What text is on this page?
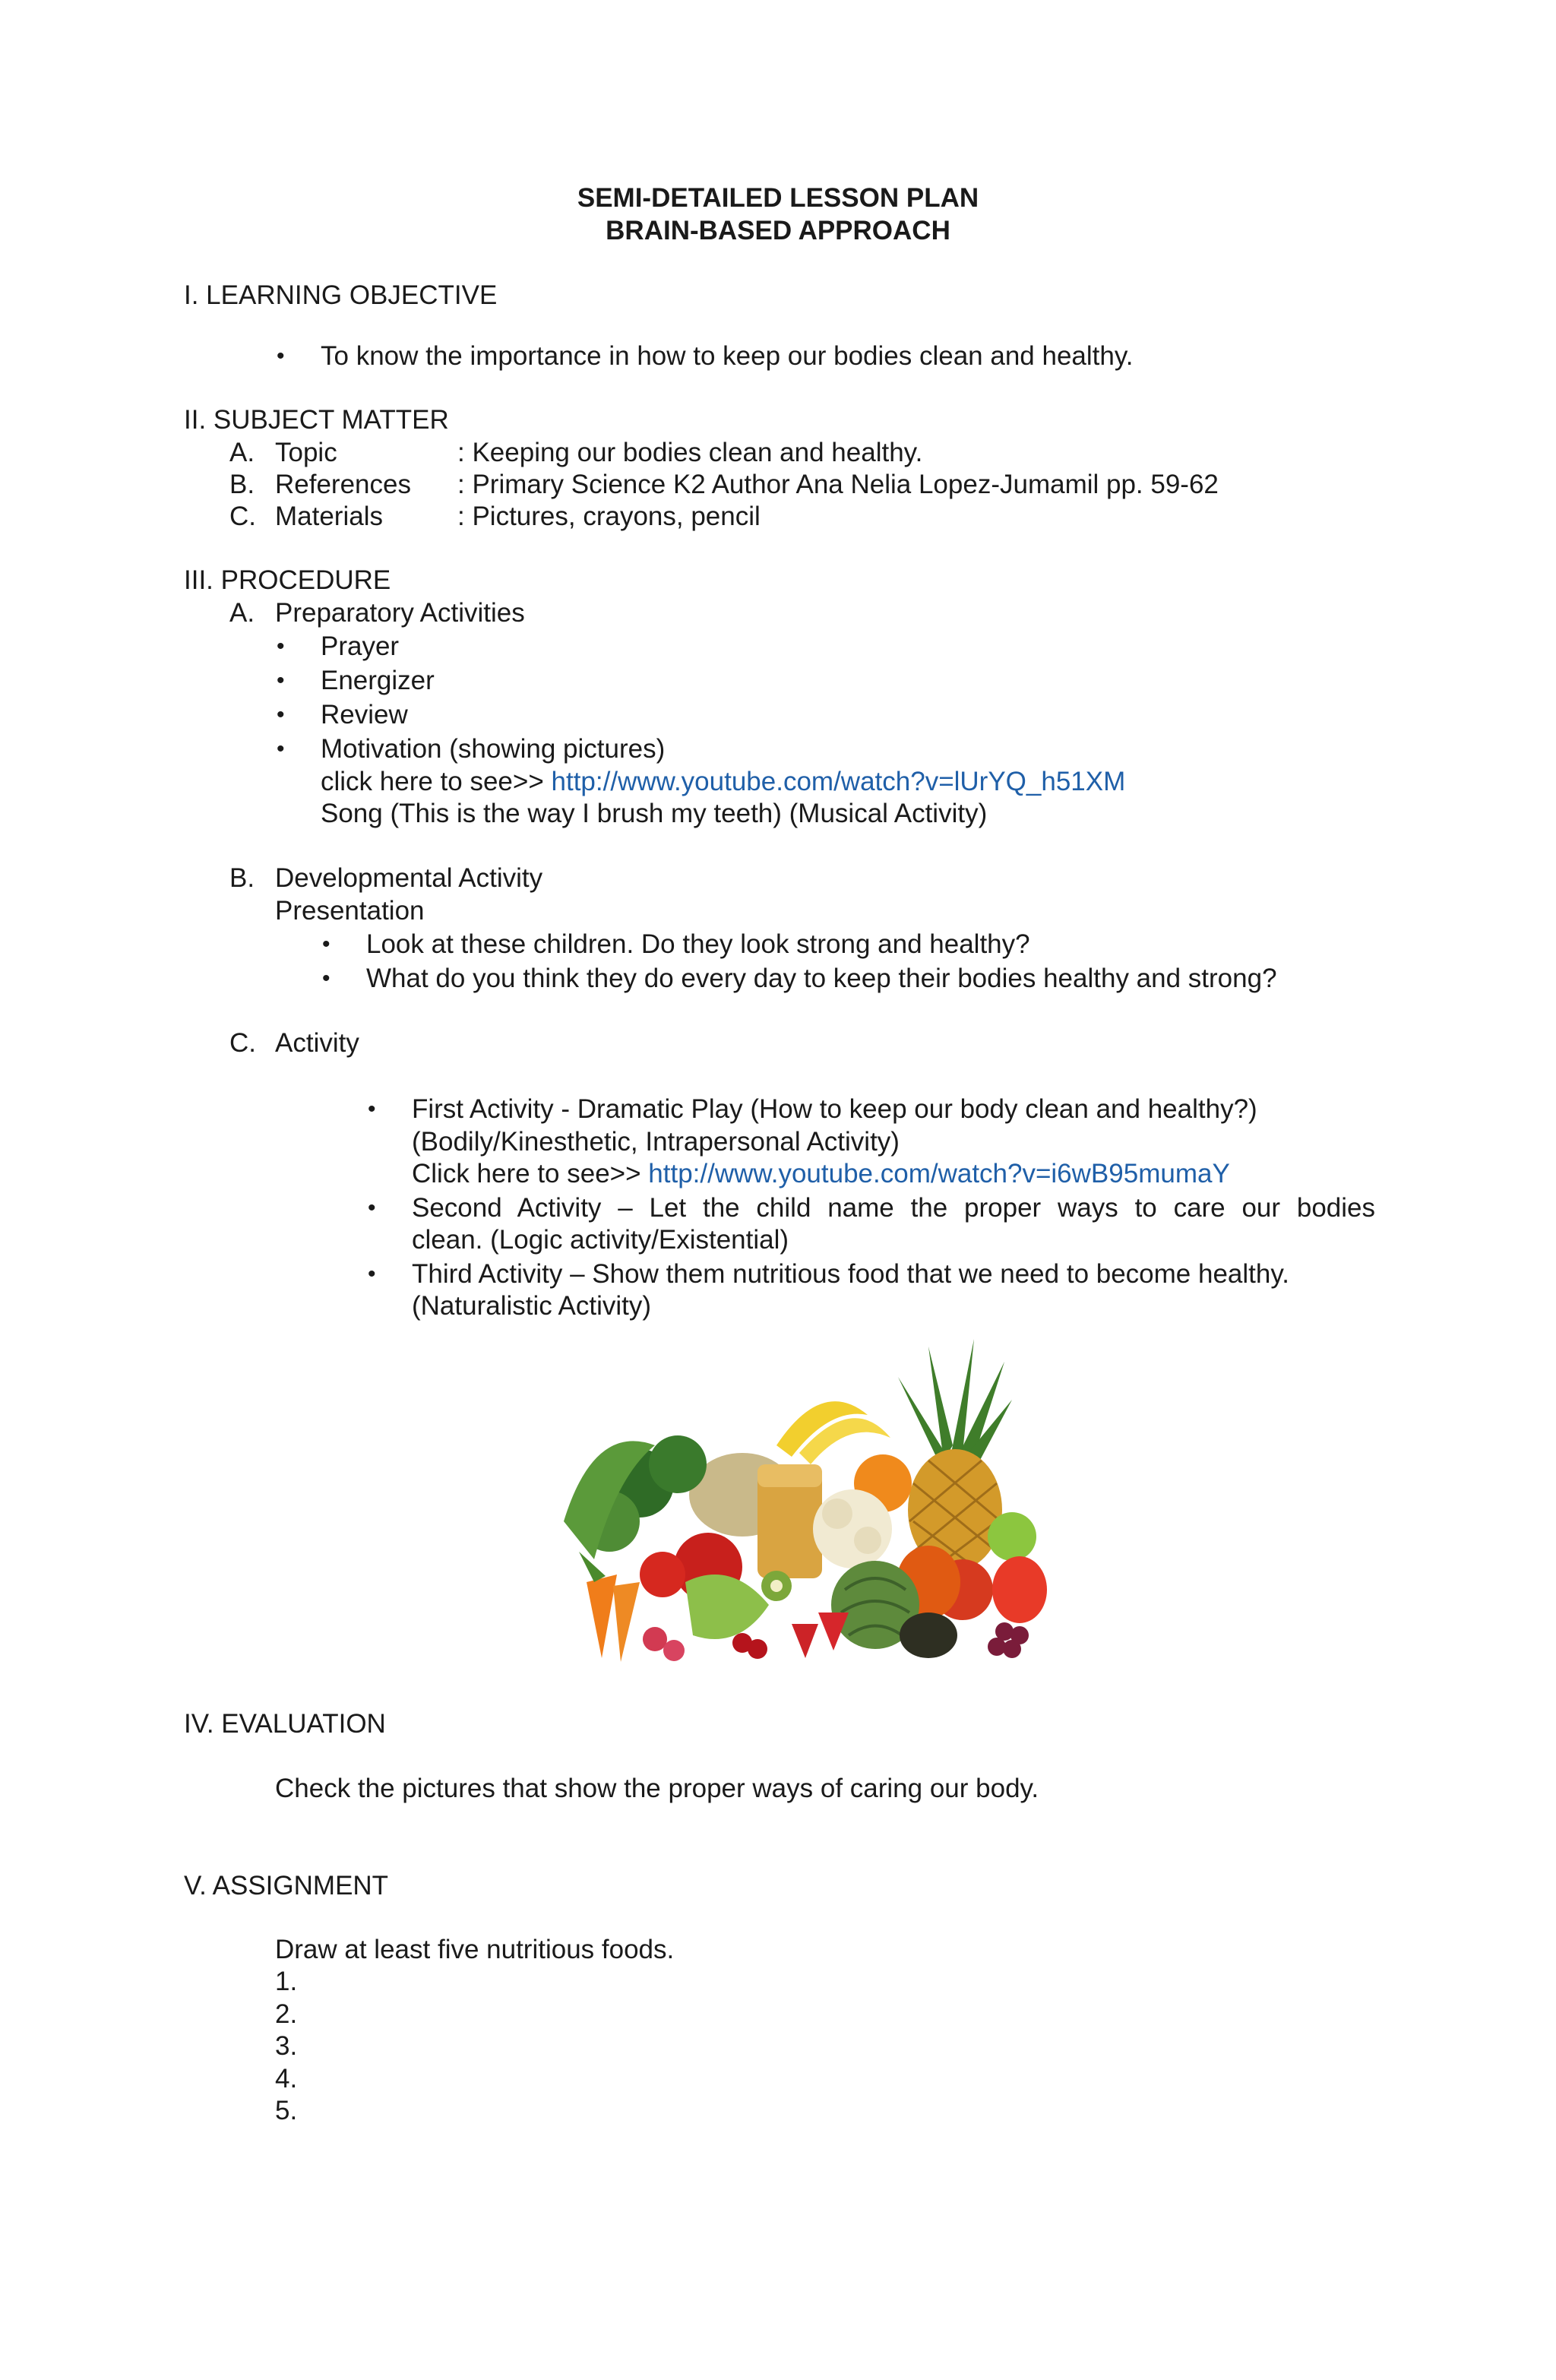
SEMI-DETAILED LESSON PLAN
BRAIN-BASED APPROACH
I. LEARNING OBJECTIVE
• To know the importance in how to keep our bodies clean and healthy.
II. SUBJECT MATTER
A. Topic	: Keeping our bodies clean and healthy.
B. References : Primary Science K2 Author Ana Nelia Lopez-Jumamil pp. 59-62
C. Materials	: Pictures, crayons, pencil
III. PROCEDURE
A. Preparatory Activities
• Prayer
• Energizer
• Review
• Motivation (showing pictures)
click here to see>> http://www.youtube.com/watch?v=lUrYQ_h51XM
Song (This is the way I brush my teeth) (Musical Activity)
B. Developmental Activity
Presentation
• Look at these children. Do they look strong and healthy?
• What do you think they do every day to keep their bodies healthy and strong?
C. Activity
• First Activity - Dramatic Play (How to keep our body clean and healthy?)
(Bodily/Kinesthetic, Intrapersonal Activity)
Click here to see>> http://www.youtube.com/watch?v=i6wB95mumaY
• Second Activity – Let the child name the proper ways to care our bodies
clean. (Logic activity/Existential)
• Third Activity – Show them nutritious food that we need to become healthy.
(Naturalistic Activity)
IV. EVALUATION
Check the pictures that show the proper ways of caring our body.
V. ASSIGNMENT
Draw at least five nutritious foods.
1.
2.
3.
4.
5.
